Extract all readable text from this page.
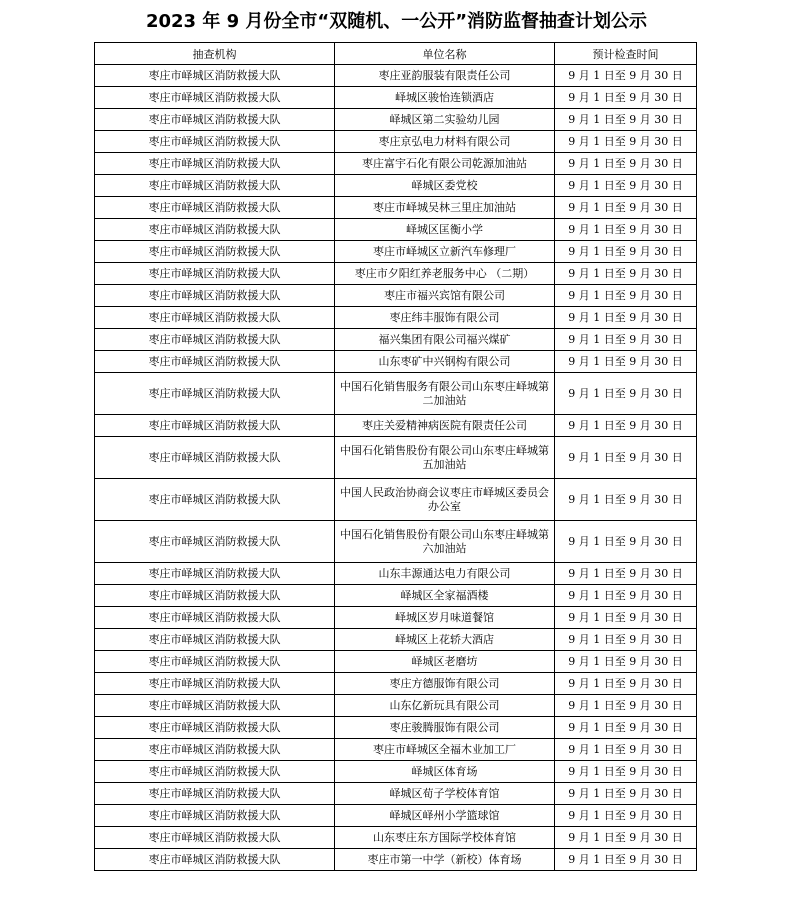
2023 年 9 月份全市“双随机、一公开”消防监督抽查计划公示
抽查机构	单位名称	预计检查时间
枣庄市峄城区消防救援大队	枣庄亚韵服装有限责任公司	9 月 1 日至 9 月 30 日
枣庄市峄城区消防救援大队	峄城区骏怡连锁酒店	9 月 1 日至 9 月 30 日
枣庄市峄城区消防救援大队	峄城区第二实验幼儿园	9 月 1 日至 9 月 30 日
枣庄市峄城区消防救援大队	枣庄京弘电力材料有限公司	9 月 1 日至 9 月 30 日
枣庄市峄城区消防救援大队	枣庄富宇石化有限公司乾源加油站	9 月 1 日至 9 月 30 日
枣庄市峄城区消防救援大队	峄城区委党校	9 月 1 日至 9 月 30 日
枣庄市峄城区消防救援大队	枣庄市峄城吴林三里庄加油站	9 月 1 日至 9 月 30 日
枣庄市峄城区消防救援大队	峄城区匡衡小学	9 月 1 日至 9 月 30 日
枣庄市峄城区消防救援大队	枣庄市峄城区立新汽车修理厂	9 月 1 日至 9 月 30 日
枣庄市峄城区消防救援大队	枣庄市夕阳红养老服务中心 （二期）	9 月 1 日至 9 月 30 日
枣庄市峄城区消防救援大队	枣庄市福兴宾馆有限公司	9 月 1 日至 9 月 30 日
枣庄市峄城区消防救援大队	枣庄纬丰服饰有限公司	9 月 1 日至 9 月 30 日
枣庄市峄城区消防救援大队	福兴集团有限公司福兴煤矿	9 月 1 日至 9 月 30 日
枣庄市峄城区消防救援大队	山东枣矿中兴钢构有限公司	9 月 1 日至 9 月 30 日
枣庄市峄城区消防救援大队	中国石化销售服务有限公司山东枣庄峄城第二加油站	9 月 1 日至 9 月 30 日
枣庄市峄城区消防救援大队	枣庄关爱精神病医院有限责任公司	9 月 1 日至 9 月 30 日
枣庄市峄城区消防救援大队	中国石化销售股份有限公司山东枣庄峄城第五加油站	9 月 1 日至 9 月 30 日
枣庄市峄城区消防救援大队	中国人民政治协商会议枣庄市峄城区委员会办公室	9 月 1 日至 9 月 30 日
枣庄市峄城区消防救援大队	中国石化销售股份有限公司山东枣庄峄城第六加油站	9 月 1 日至 9 月 30 日
枣庄市峄城区消防救援大队	山东丰源通达电力有限公司	9 月 1 日至 9 月 30 日
枣庄市峄城区消防救援大队	峄城区全家福酒楼	9 月 1 日至 9 月 30 日
枣庄市峄城区消防救援大队	峄城区岁月味道餐馆	9 月 1 日至 9 月 30 日
枣庄市峄城区消防救援大队	峄城区上花轿大酒店	9 月 1 日至 9 月 30 日
枣庄市峄城区消防救援大队	峄城区老磨坊	9 月 1 日至 9 月 30 日
枣庄市峄城区消防救援大队	枣庄方德服饰有限公司	9 月 1 日至 9 月 30 日
枣庄市峄城区消防救援大队	山东亿新玩具有限公司	9 月 1 日至 9 月 30 日
枣庄市峄城区消防救援大队	枣庄骏腾服饰有限公司	9 月 1 日至 9 月 30 日
枣庄市峄城区消防救援大队	枣庄市峄城区全福木业加工厂	9 月 1 日至 9 月 30 日
枣庄市峄城区消防救援大队	峄城区体育场	9 月 1 日至 9 月 30 日
枣庄市峄城区消防救援大队	峄城区荀子学校体育馆	9 月 1 日至 9 月 30 日
枣庄市峄城区消防救援大队	峄城区峄州小学篮球馆	9 月 1 日至 9 月 30 日
枣庄市峄城区消防救援大队	山东枣庄东方国际学校体育馆	9 月 1 日至 9 月 30 日
枣庄市峄城区消防救援大队	枣庄市第一中学（新校）体育场	9 月 1 日至 9 月 30 日
